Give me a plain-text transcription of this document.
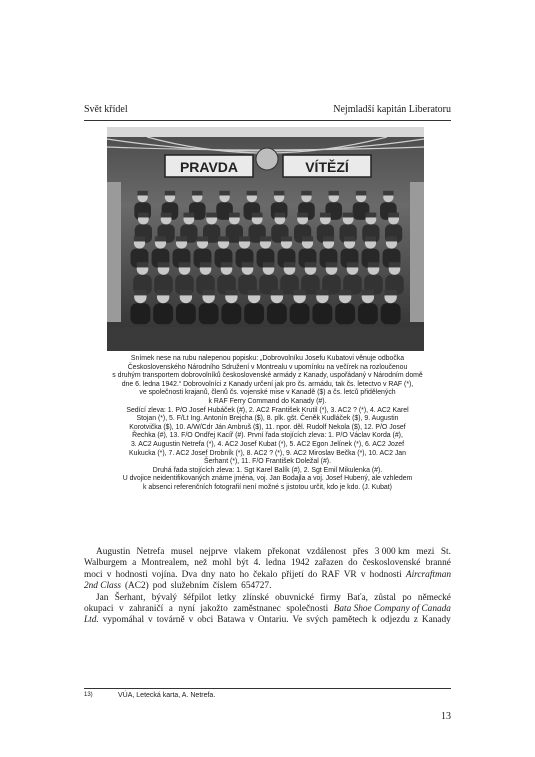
Svět křídel	Nejmladší kapitán Liberatoru
PRAVDA	VÍTĚZÍ
Snímek nese na rubu nalepenou popisku: „Dobrovolníku Josefu Kubatovi věnuje odbočka
Československého Národního Sdružení v Montrealu v upomínku na večírek na rozloučenou
s druhým transportem dobrovolníků československé armády z Kanady, uspořádaný v Národním domě
dne 6. ledna 1942.“ Dobrovolníci z Kanady určení jak pro čs. armádu, tak čs. letectvo v RAF (*),
ve společnosti krajanů, členů čs. vojenské mise v Kanadě ($) a čs. letců přidělených
k RAF Ferry Command do Kanady (#).
Sedící zleva: 1. P/O Josef Hubáček (#), 2. AC2 František Krutil (*), 3. AC2 ? (*), 4. AC2 Karel
Stojan (*), 5. F/Lt Ing. Antonín Brejcha ($), 8. plk. gšt. Čeněk Kudláček ($), 9. Augustin
Korotvička ($), 10. A/W/Cdr Ján Ambruš ($), 11. npor. děl. Rudolf Nekola ($), 12. P/O Josef
Řechka (#), 13. F/O Ondřej Kacíř (#). První řada stojících zleva: 1. P/O Václav Korda (#),
3. AC2 Augustin Netrefa (*), 4. AC2 Josef Kubat (*), 5. AC2 Egon Jelínek (*), 6. AC2 Jozef
Kukucka (*), 7. AC2 Josef Drobník (*), 8. AC2 ? (*), 9. AC2 Miroslav Bečka (*), 10. AC2 Jan
Šerhant (*), 11. F/O František Doležal (#).
Druhá řada stojících zleva: 1. Sgt Karel Balík (#), 2. Sgt Emil Mikulenka (#).
U dvojice neidentifikovaných známe jména, voj. Jan Bodajla a voj. Josef Hubený, ale vzhledem
k absenci referenčních fotografií není možné s jistotou určit, kdo je kdo. (J. Kubat)
Augustin Netrefa musel nejprve vlakem překonat vzdálenost přes 3 000 km mezi St.
Walburgem a Montrealem, než mohl být 4. ledna 1942 zařazen do československé branné
moci v hodnosti vojína. Dva dny nato ho čekalo přijetí do RAF VR v hodnosti Aircraftman
2nd Class (AC2) pod služebním číslem 654727.
Jan Šerhant, bývalý šéfpilot letky zlínské obuvnické firmy Baťa, zůstal po německé
okupaci v zahraničí a nyní jakožto zaměstnanec společnosti Bata Shoe Company of Canada
Ltd. vypomáhal v továrně v obci Batawa v Ontariu. Ve svých pamětech k odjezdu z Kanady
13)	VÚA, Letecká karta, A. Netrefa.
13
